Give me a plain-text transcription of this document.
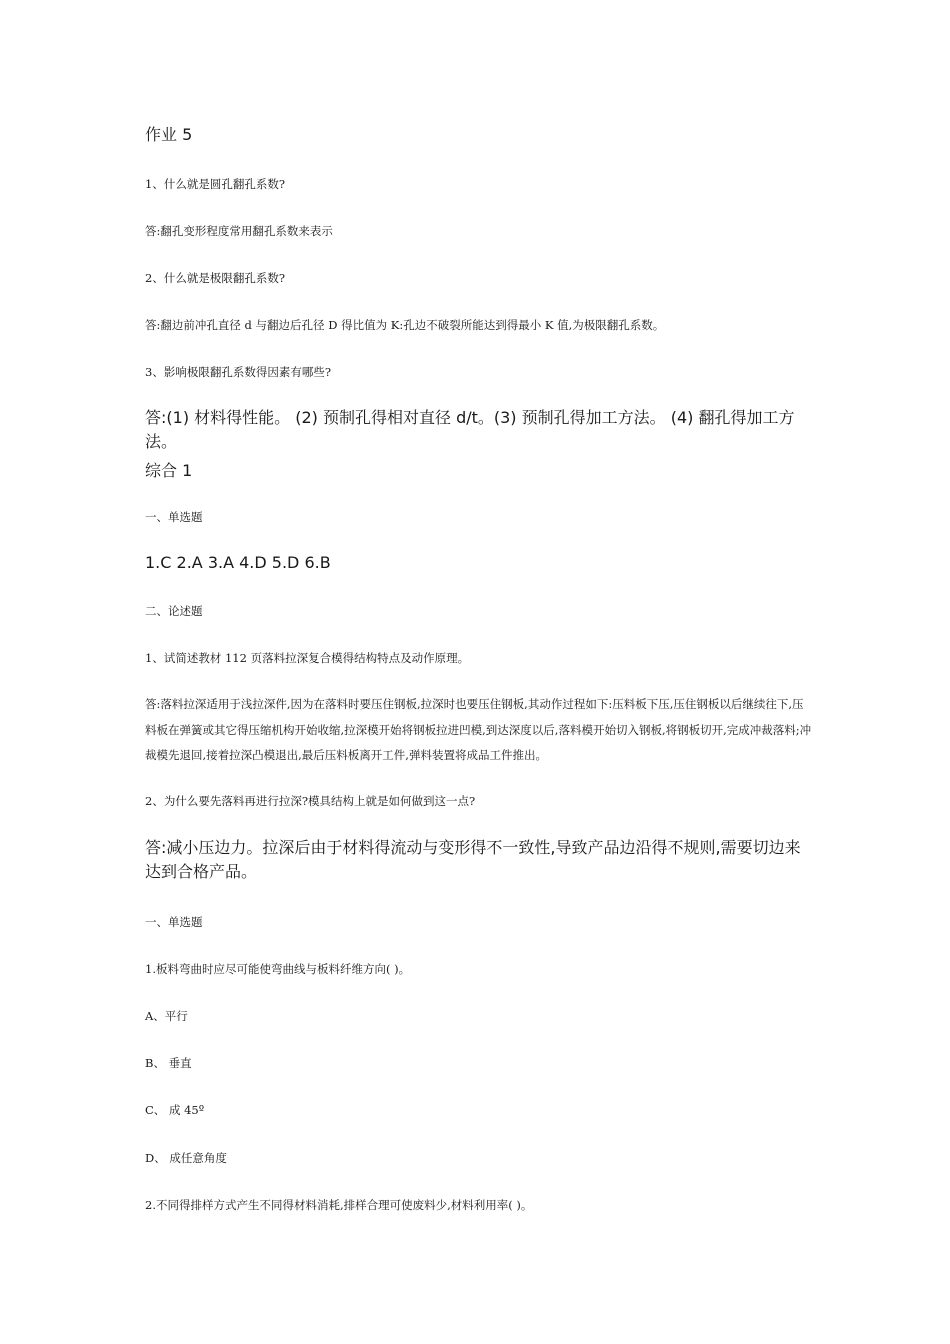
作业 5

1、什么就是圆孔翻孔系数?

答:翻孔变形程度常用翻孔系数来表示

2、什么就是极限翻孔系数?

答:翻边前冲孔直径 d 与翻边后孔径 D 得比值为 K:孔边不破裂所能达到得最小 K 值,为极限翻孔系数。

3、影响极限翻孔系数得因素有哪些?

答:(1) 材料得性能。 (2) 预制孔得相对直径 d/t。(3) 预制孔得加工方法。 (4) 翻孔得加工方法。

综合 1

一、单选题

1.C 2.A 3.A 4.D 5.D 6.B

二、论述题

1、试简述教材 112 页落料拉深复合模得结构特点及动作原理。

答:落料拉深适用于浅拉深件,因为在落料时要压住钢板,拉深时也要压住钢板,其动作过程如下:压料板下压,压住钢板以后继续往下,压料板在弹簧或其它得压缩机构开始收缩,拉深模开始将钢板拉进凹模,到达深度以后,落料模开始切入钢板,将钢板切开,完成冲裁落料;冲裁模先退回,接着拉深凸模退出,最后压料板离开工件,弹料装置将成品工件推出。

2、为什么要先落料再进行拉深?模具结构上就是如何做到这一点?

答:减小压边力。拉深后由于材料得流动与变形得不一致性,导致产品边沿得不规则,需要切边来达到合格产品。

一、单选题

1.板料弯曲时应尽可能使弯曲线与板料纤维方向( )。

A、平行

B、 垂直

C、 成 45º

D、 成任意角度

2.不同得排样方式产生不同得材料消耗,排样合理可使废料少,材料利用率( )。
